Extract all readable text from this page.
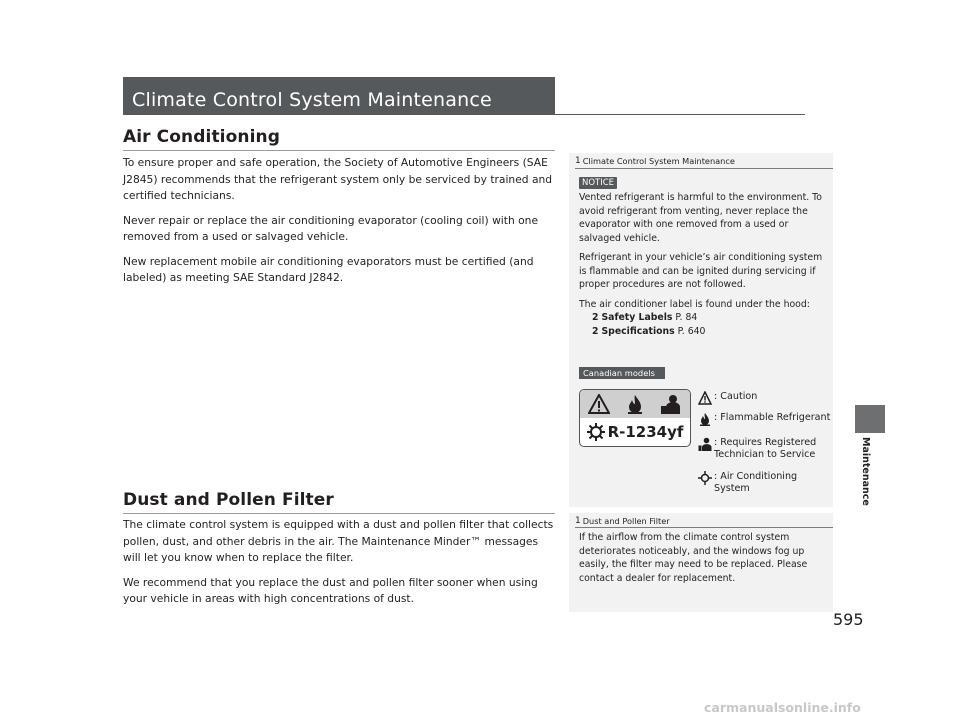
Climate Control System Maintenance
Air Conditioning

To ensure proper and safe operation, the Society of Automotive Engineers (SAE J2845) recommends that the refrigerant system only be serviced by trained and certified technicians.

Never repair or replace the air conditioning evaporator (cooling coil) with one removed from a used or salvaged vehicle.

New replacement mobile air conditioning evaporators must be certified (and labeled) as meeting SAE Standard J2842.

Dust and Pollen Filter

The climate control system is equipped with a dust and pollen filter that collects pollen, dust, and other debris in the air. The Maintenance Minder™ messages will let you know when to replace the filter.

We recommend that you replace the dust and pollen filter sooner when using your vehicle in areas with high concentrations of dust.

1 Climate Control System Maintenance
NOTICE

Vented refrigerant is harmful to the environment. To avoid refrigerant from venting, never replace the evaporator with one removed from a used or salvaged vehicle.

Refrigerant in your vehicle’s air conditioning system is flammable and can be ignited during servicing if proper procedures are not followed.

The air conditioner label is found under the hood:

2 Safety Labels P. 84
2 Specifications P. 640
Canadian models
R-1234yf
: Caution
: Flammable Refrigerant
: Requires Registered
Technician to Service
: Air Conditioning
System
1 Dust and Pollen Filter
If the airflow from the climate control system deteriorates noticeably, and the windows fog up easily, the filter may need to be replaced. Please contact a dealer for replacement.
Maintenance
595
carmanualsonline.info
